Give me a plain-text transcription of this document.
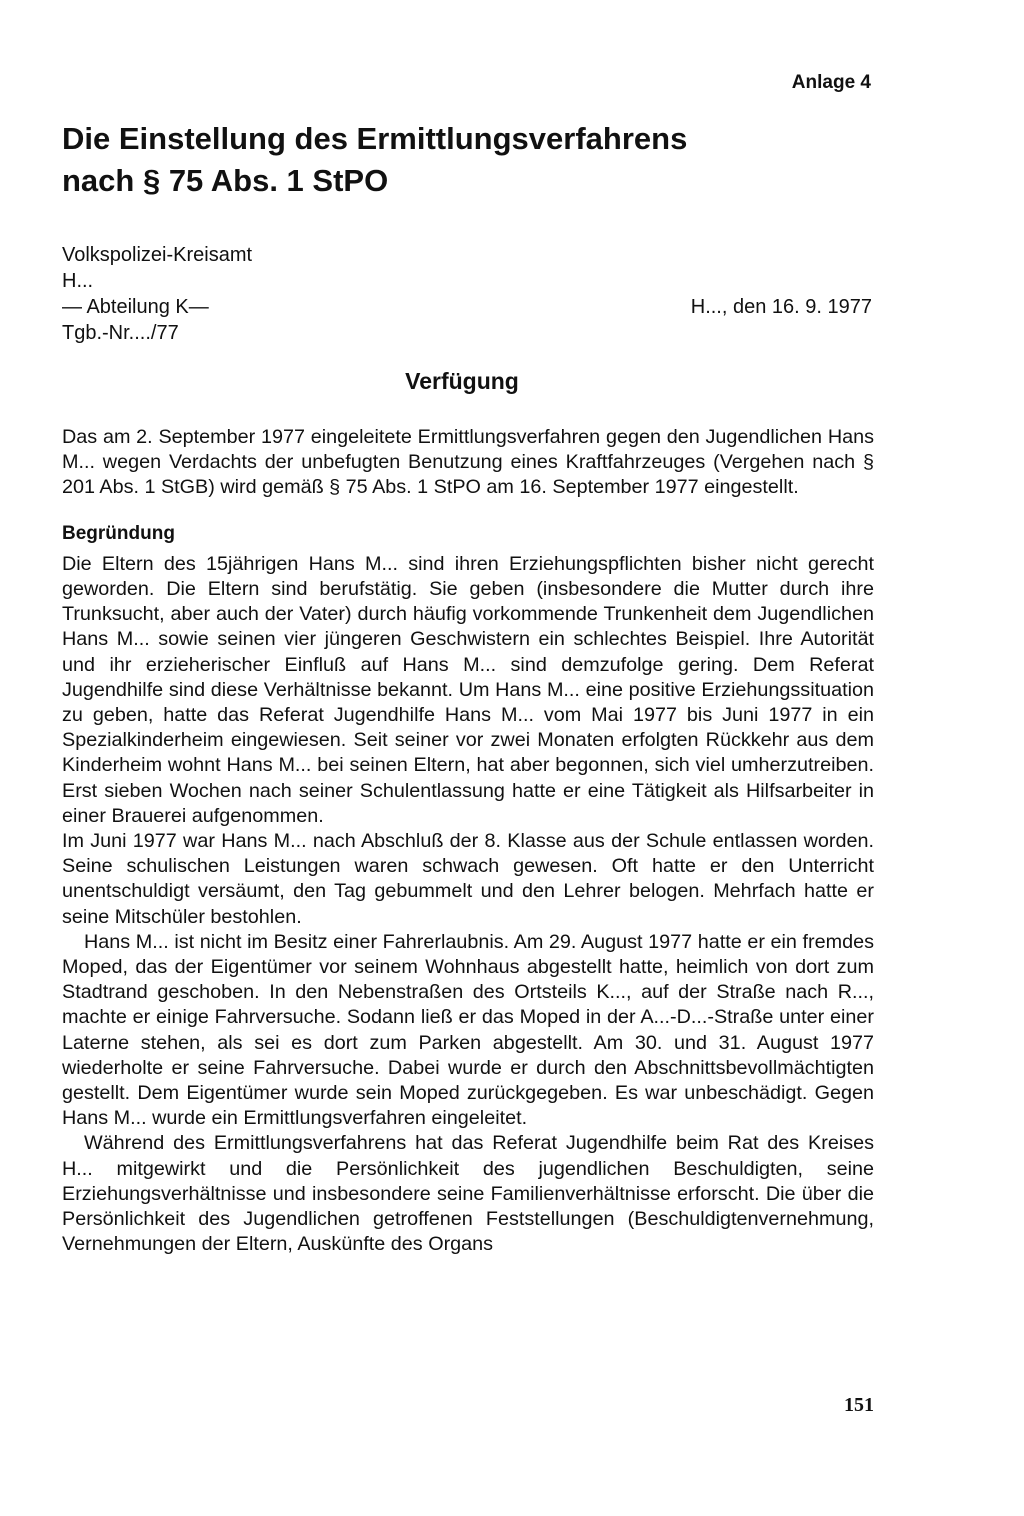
Anlage 4
Die Einstellung des Ermittlungsverfahrens
nach § 75 Abs. 1 StPO
Volkspolizei-Kreisamt
H...
— Abteilung K—
Tgb.-Nr..../77
H..., den 16. 9. 1977
Verfügung

Das am 2. September 1977 eingeleitete Ermittlungsverfahren gegen den Jugendlichen Hans M... wegen Verdachts der unbefugten Benutzung eines Kraftfahrzeuges (Vergehen nach § 201 Abs. 1 StGB) wird gemäß § 75 Abs. 1 StPO am 16. September 1977 eingestellt.

Begründung

Die Eltern des 15jährigen Hans M... sind ihren Erziehungspflichten bisher nicht gerecht geworden. Die Eltern sind berufstätig. Sie geben (insbesondere die Mutter durch ihre Trunksucht, aber auch der Vater) durch häufig vorkommende Trunkenheit dem Jugendlichen Hans M... sowie seinen vier jüngeren Geschwistern ein schlechtes Beispiel. Ihre Autorität und ihr erzieherischer Einfluß auf Hans M... sind demzufolge gering. Dem Referat Jugendhilfe sind diese Verhältnisse bekannt. Um Hans M... eine positive Erziehungssituation zu geben, hatte das Referat Jugendhilfe Hans M... vom Mai 1977 bis Juni 1977 in ein Spezialkinderheim eingewiesen. Seit seiner vor zwei Monaten erfolgten Rückkehr aus dem Kinderheim wohnt Hans M... bei seinen Eltern, hat aber begonnen, sich viel umherzutreiben. Erst sieben Wochen nach seiner Schulentlassung hatte er eine Tätigkeit als Hilfsarbeiter in einer Brauerei aufgenommen.

Im Juni 1977 war Hans M... nach Abschluß der 8. Klasse aus der Schule entlassen worden. Seine schulischen Leistungen waren schwach gewesen. Oft hatte er den Unterricht unentschuldigt versäumt, den Tag gebummelt und den Lehrer belogen. Mehrfach hatte er seine Mitschüler bestohlen.

Hans M... ist nicht im Besitz einer Fahrerlaubnis. Am 29. August 1977 hatte er ein fremdes Moped, das der Eigentümer vor seinem Wohnhaus abgestellt hatte, heimlich von dort zum Stadtrand geschoben. In den Nebenstraßen des Ortsteils K..., auf der Straße nach R..., machte er einige Fahrversuche. Sodann ließ er das Moped in der A...-D...-Straße unter einer Laterne stehen, als sei es dort zum Parken abgestellt. Am 30. und 31. August 1977 wiederholte er seine Fahrversuche. Dabei wurde er durch den Abschnittsbevollmächtigten gestellt. Dem Eigentümer wurde sein Moped zurückgegeben. Es war unbeschädigt. Gegen Hans M... wurde ein Ermittlungsverfahren eingeleitet.

Während des Ermittlungsverfahrens hat das Referat Jugendhilfe beim Rat des Kreises H... mitgewirkt und die Persönlichkeit des jugendlichen Beschuldigten, seine Erziehungsverhältnisse und insbesondere seine Familienverhältnisse erforscht. Die über die Persönlichkeit des Jugendlichen getroffenen Feststellungen (Beschuldigtenvernehmung, Vernehmungen der Eltern, Auskünfte des Organs

151
